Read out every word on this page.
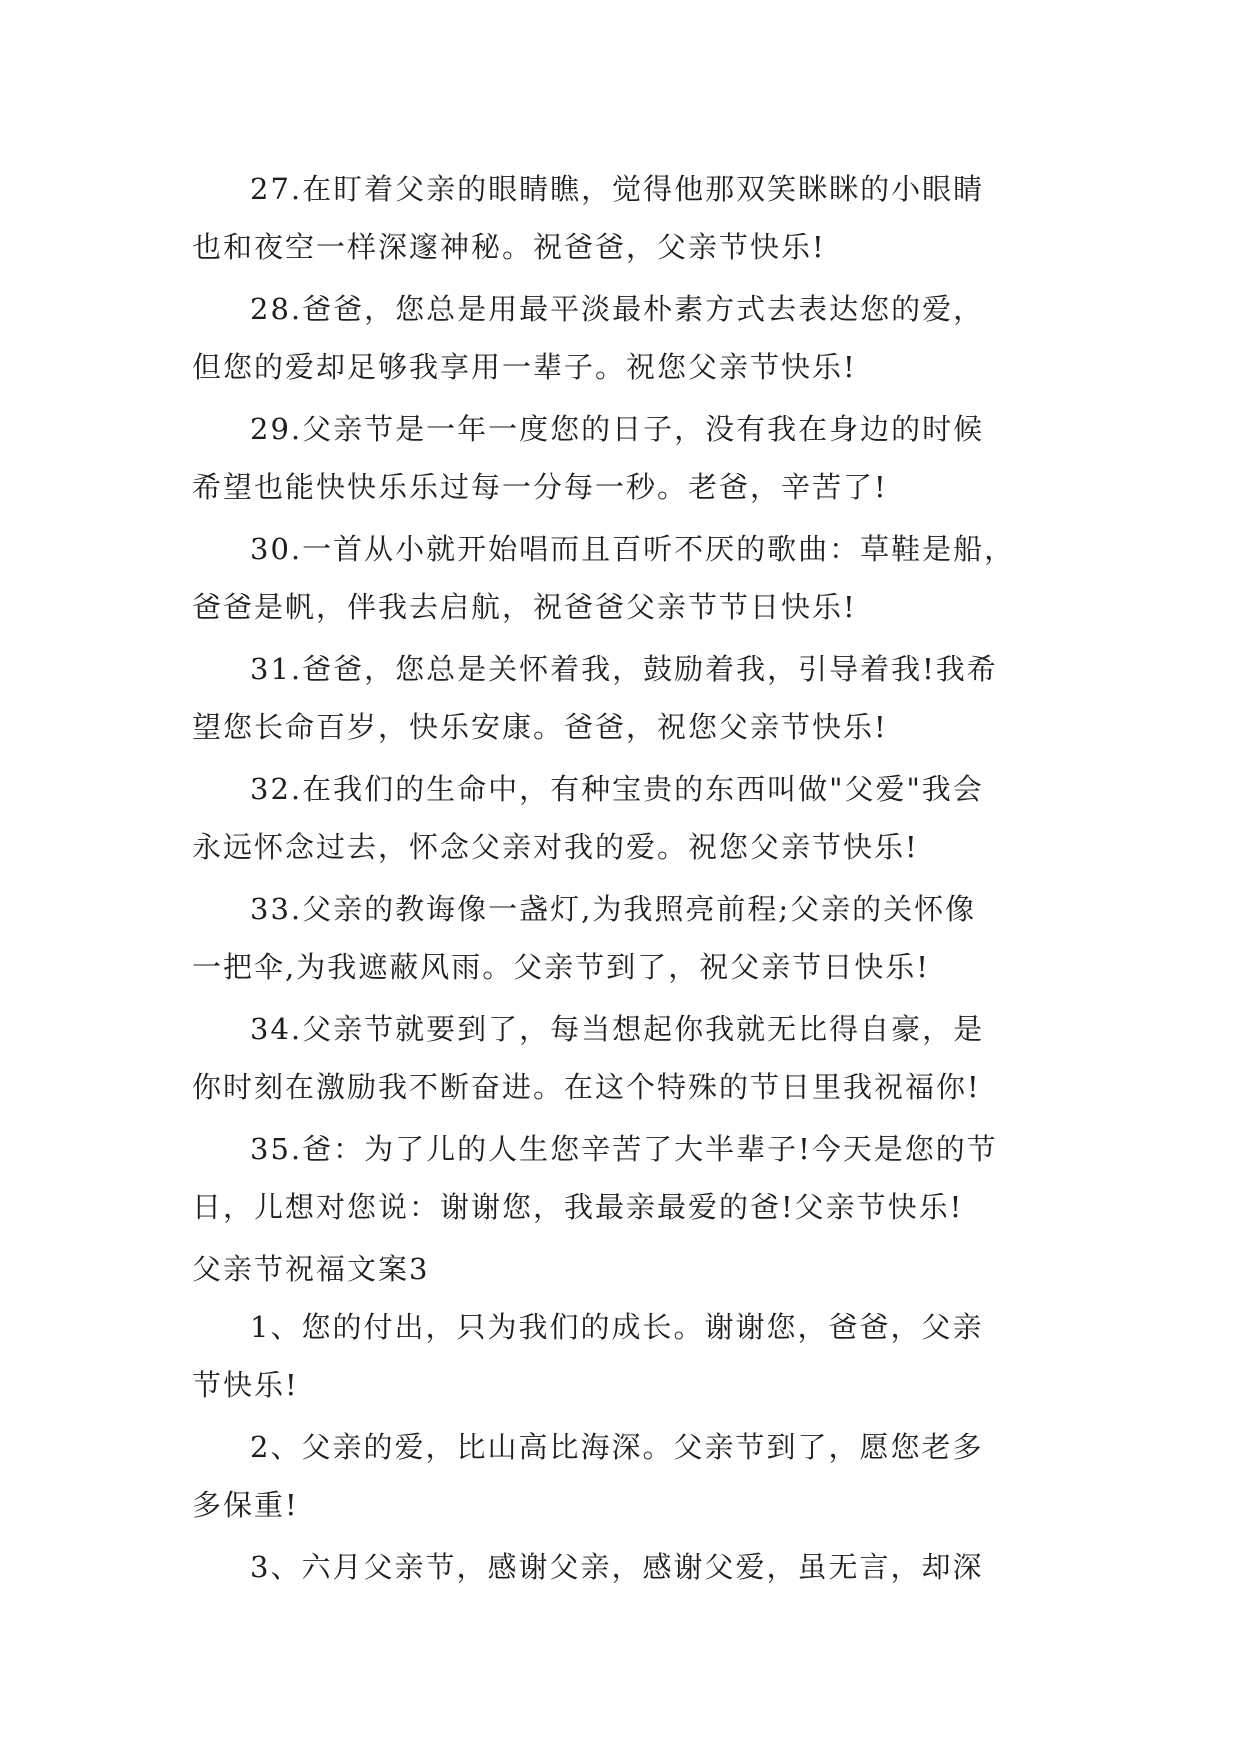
27.在盯着父亲的眼睛瞧，觉得他那双笑眯眯的小眼睛
也和夜空一样深邃神秘。祝爸爸，父亲节快乐!

28.爸爸，您总是用最平淡最朴素方式去表达您的爱，
但您的爱却足够我享用一辈子。祝您父亲节快乐!

29.父亲节是一年一度您的日子，没有我在身边的时候
希望也能快快乐乐过每一分每一秒。老爸，辛苦了!

30.一首从小就开始唱而且百听不厌的歌曲：草鞋是船，
爸爸是帆，伴我去启航，祝爸爸父亲节节日快乐!

31.爸爸，您总是关怀着我，鼓励着我，引导着我!我希
望您长命百岁，快乐安康。爸爸，祝您父亲节快乐!

32.在我们的生命中，有种宝贵的东西叫做"父爱"我会
永远怀念过去，怀念父亲对我的爱。祝您父亲节快乐!

33.父亲的教诲像一盏灯,为我照亮前程;父亲的关怀像
一把伞,为我遮蔽风雨。父亲节到了，祝父亲节日快乐!

34.父亲节就要到了，每当想起你我就无比得自豪，是
你时刻在激励我不断奋进。在这个特殊的节日里我祝福你!

35.爸：为了儿的人生您辛苦了大半辈子!今天是您的节
日，儿想对您说：谢谢您，我最亲最爱的爸!父亲节快乐!

父亲节祝福文案3

1、您的付出，只为我们的成长。谢谢您，爸爸，父亲
节快乐!

2、父亲的爱，比山高比海深。父亲节到了，愿您老多
多保重!

3、六月父亲节，感谢父亲，感谢父爱，虽无言，却深
